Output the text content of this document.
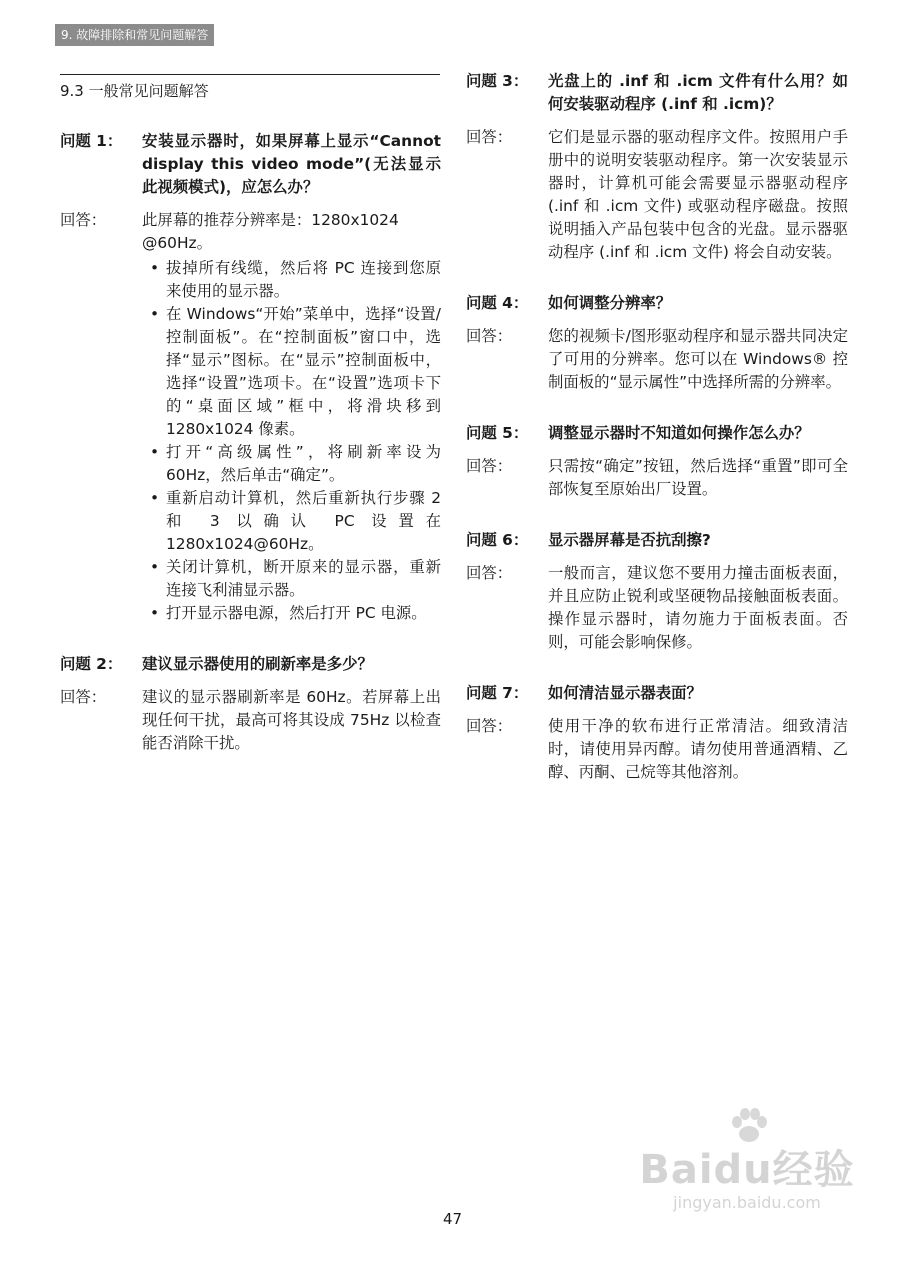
9. 故障排除和常见问题解答
9.3 一般常见问题解答
问题 1：	安装显示器时，如果屏幕上显示“Cannot display this video mode”(无法显示此视频模式)，应怎么办？
回答：	此屏幕的推荐分辨率是：1280x1024 @60Hz。
• 拔掉所有线缆，然后将 PC 连接到您原来使用的显示器。
• 在 Windows“开始”菜单中，选择“设置/控制面板”。在“控制面板”窗口中，选择“显示”图标。在“显示”控制面板中，选择“设置”选项卡。在“设置”选项卡下的“桌面区域”框中，将滑块移到 1280x1024 像素。
• 打开“高级属性”，将刷新率设为 60Hz，然后单击“确定”。
• 重新启动计算机，然后重新执行步骤 2 和 3 以确认 PC 设置在 1280x1024@60Hz。
• 关闭计算机，断开原来的显示器，重新连接飞利浦显示器。
• 打开显示器电源，然后打开 PC 电源。
问题 2：	建议显示器使用的刷新率是多少？
回答：	建议的显示器刷新率是 60Hz。若屏幕上出现任何干扰，最高可将其设成 75Hz 以检查能否消除干扰。
问题 3：	光盘上的 .inf 和 .icm 文件有什么用？如何安装驱动程序 (.inf 和 .icm)？
回答：	它们是显示器的驱动程序文件。按照用户手册中的说明安装驱动程序。第一次安装显示器时，计算机可能会需要显示器驱动程序 (.inf 和 .icm 文件) 或驱动程序磁盘。按照说明插入产品包装中包含的光盘。显示器驱动程序 (.inf 和 .icm 文件) 将会自动安装。
问题 4：	如何调整分辨率？
回答：	您的视频卡/图形驱动程序和显示器共同决定了可用的分辨率。您可以在 Windows® 控制面板的“显示属性”中选择所需的分辨率。
问题 5：	调整显示器时不知道如何操作怎么办？
回答：	只需按“确定”按钮，然后选择“重置”即可全部恢复至原始出厂设置。
问题 6：	显示器屏幕是否抗刮擦?
回答：	一般而言，建议您不要用力撞击面板表面，并且应防止锐利或坚硬物品接触面板表面。操作显示器时，请勿施力于面板表面。否则，可能会影响保修。
问题 7：	如何清洁显示器表面？
回答：	使用干净的软布进行正常清洁。细致清洁时，请使用异丙醇。请勿使用普通酒精、乙醇、丙酮、己烷等其他溶剂。
Baidu经验
jingyan.baidu.com
47
